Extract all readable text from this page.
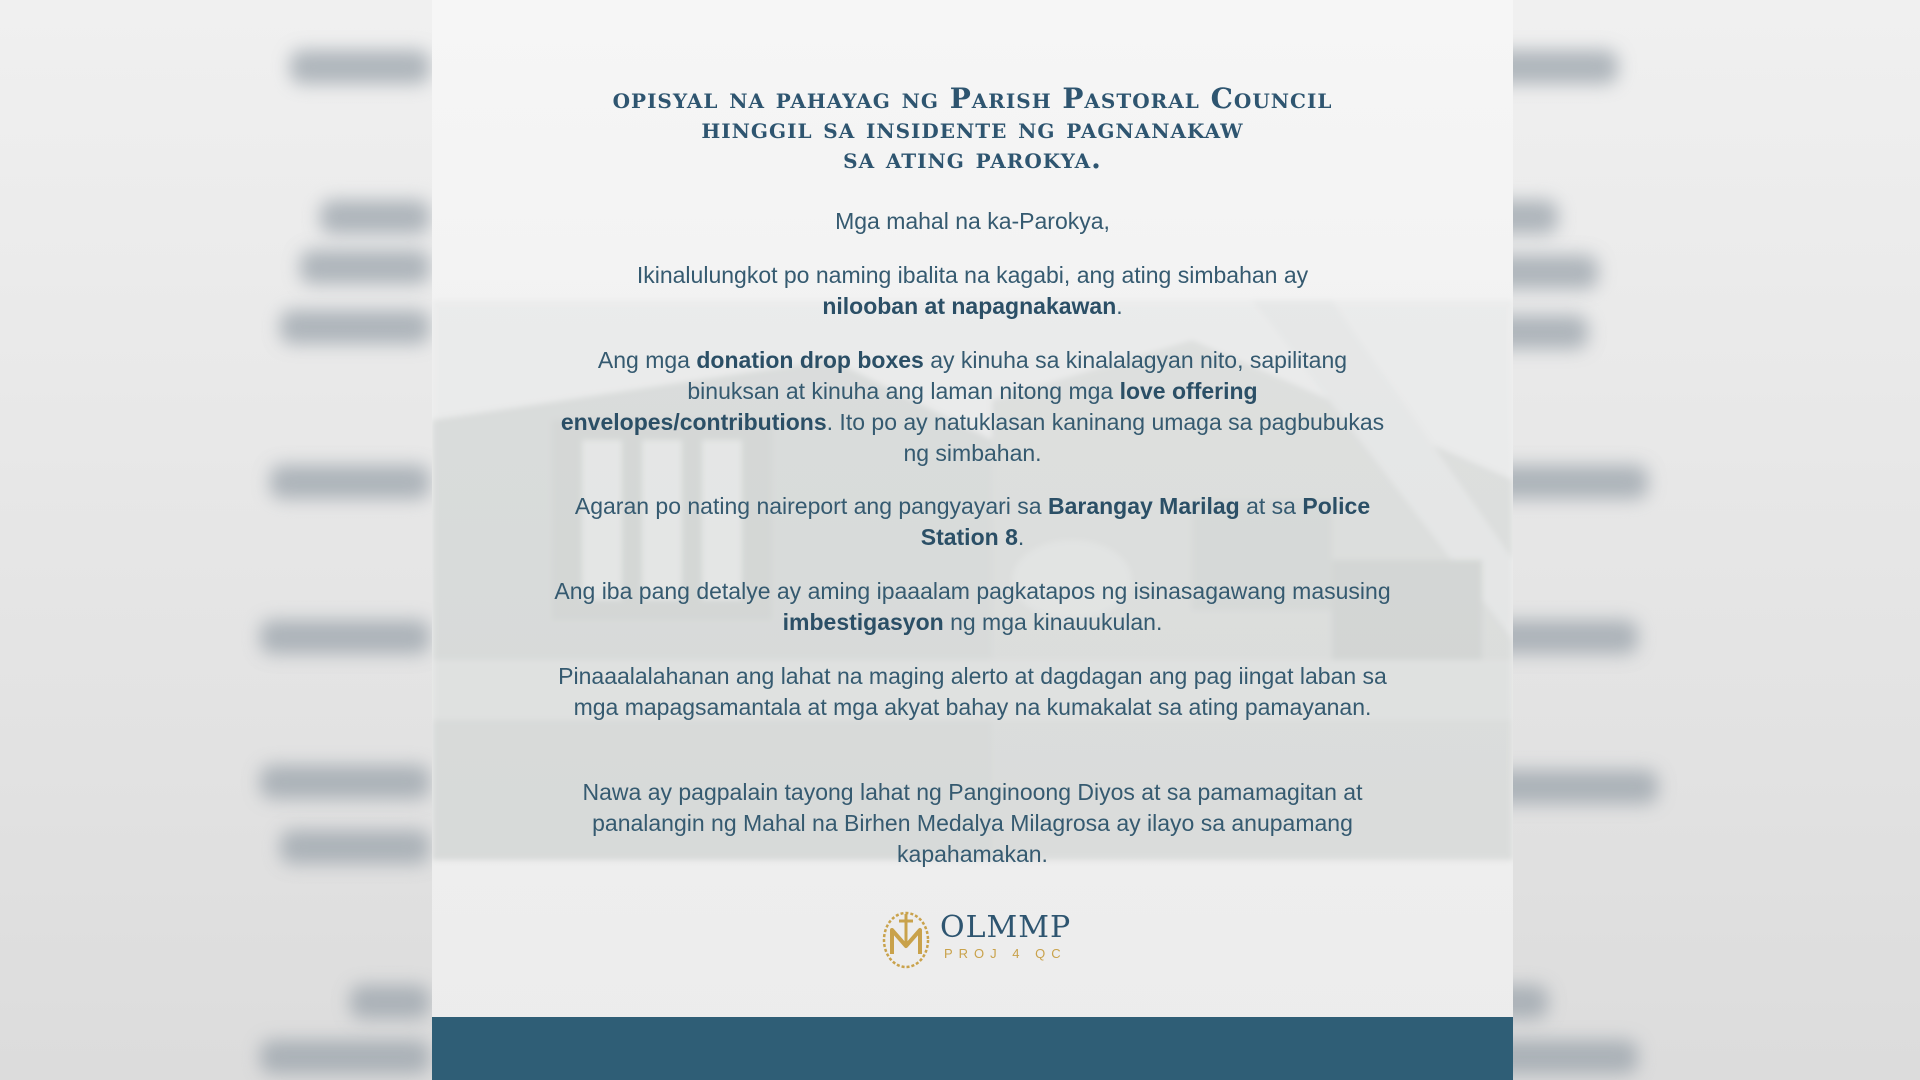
opisyal na pahayag ng Parish Pastoral Council
hinggil sa insidente ng pagnanakaw
sa ating parokya.
Mga mahal na ka-Parokya,
Ikinalulungkot po naming ibalita na kagabi, ang ating simbahan ay
nilooban at napagnakawan.
Ang mga donation drop boxes ay kinuha sa kinalalagyan nito, sapilitang binuksan at kinuha ang laman nitong mga love offering envelopes/contributions. Ito po ay natuklasan kaninang umaga sa pagbubukas ng simbahan.
Agaran po nating naireport ang pangyayari sa Barangay Marilag at sa Police Station 8.
Ang iba pang detalye ay aming ipaaalam pagkatapos ng isinasagawang masusing imbestigasyon ng mga kinauukulan.
Pinaaalalahanan ang lahat na maging alerto at dagdagan ang pag iingat laban sa mga mapagsamantala at mga akyat bahay na kumakalat sa ating pamayanan.
Nawa ay pagpalain tayong lahat ng Panginoong Diyos at sa pamamagitan at panalangin ng Mahal na Birhen Medalya Milagrosa ay ilayo sa anupamang kapahamakan.
OLMMP
PROJ 4 QC
